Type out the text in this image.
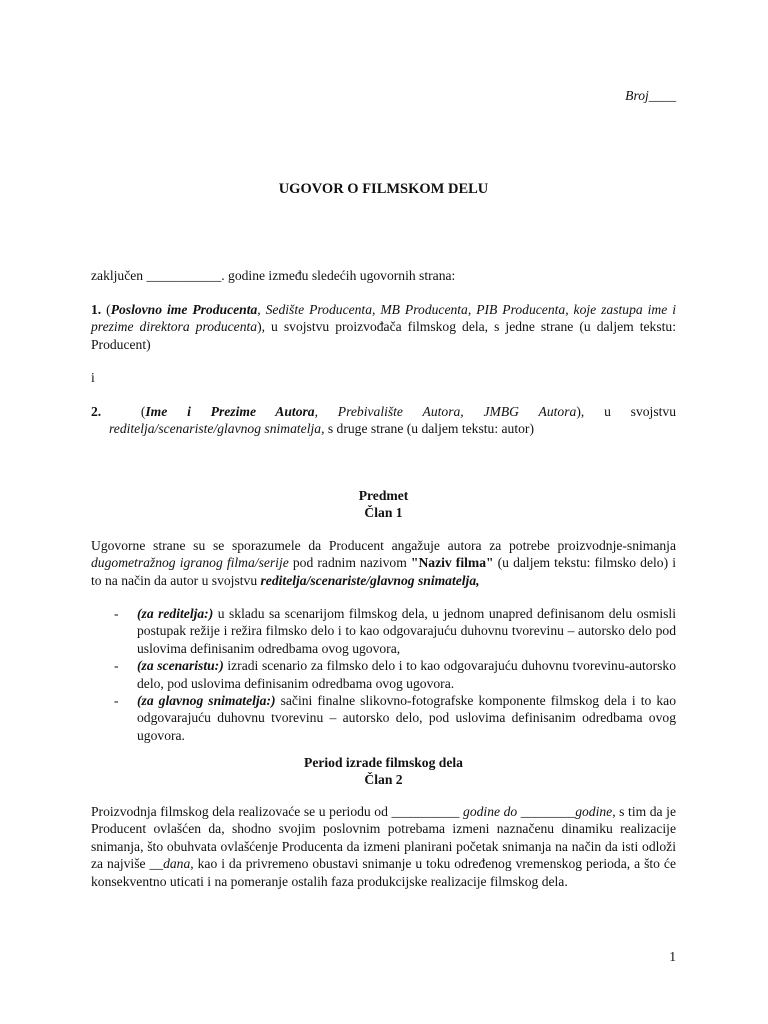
Broj____
UGOVOR O FILMSKOM DELU
zaključen ___________. godine između sledećih ugovornih strana:
1. (Poslovno ime Producenta, Sedište Producenta, MB Producenta, PIB Producenta, koje zastupa ime i prezime direktora producenta), u svojstvu proizvođača filmskog dela, s jedne strane (u daljem tekstu: Producent)
i
2.	(Ime i Prezime Autora, Prebivalište Autora, JMBG Autora), u svojstvu
reditelja/scenariste/glavnog snimatelja, s druge strane (u daljem tekstu: autor)
Predmet
Član 1
Ugovorne strane su se sporazumele da Producent angažuje autora za potrebe proizvodnje-snimanja dugometražnog igranog filma/serije pod radnim nazivom "Naziv filma" (u daljem tekstu: filmsko delo) i to na način da autor u svojstvu reditelja/scenariste/glavnog snimatelja,
- (za reditelja:) u skladu sa scenarijom filmskog dela, u jednom unapred definisanom delu osmisli postupak režije i režira filmsko delo i to kao odgovarajuću duhovnu tvorevinu – autorsko delo pod uslovima definisanim odredbama ovog ugovora,
- (za scenaristu:) izradi scenario za filmsko delo i to kao odgovarajuću duhovnu tvorevinu-autorsko delo, pod uslovima definisanim odredbama ovog ugovora.
- (za glavnog snimatelja:) sačini finalne slikovno-fotografske komponente filmskog dela i to kao odgovarajuću duhovnu tvorevinu – autorsko delo, pod uslovima definisanim odredbama ovog ugovora.
Period izrade filmskog dela
Član 2
Proizvodnja filmskog dela realizovaće se u periodu od __________ godine do ________godine, s tim da je Producent ovlašćen da, shodno svojim poslovnim potrebama izmeni naznačenu dinamiku realizacije snimanja, što obuhvata ovlašćenje Producenta da izmeni planirani početak snimanja na način da isti odloži za najviše __dana, kao i da privremeno obustavi snimanje u toku određenog vremenskog perioda, a što će konsekventno uticati i na pomeranje ostalih faza produkcijske realizacije filmskog dela.
1
